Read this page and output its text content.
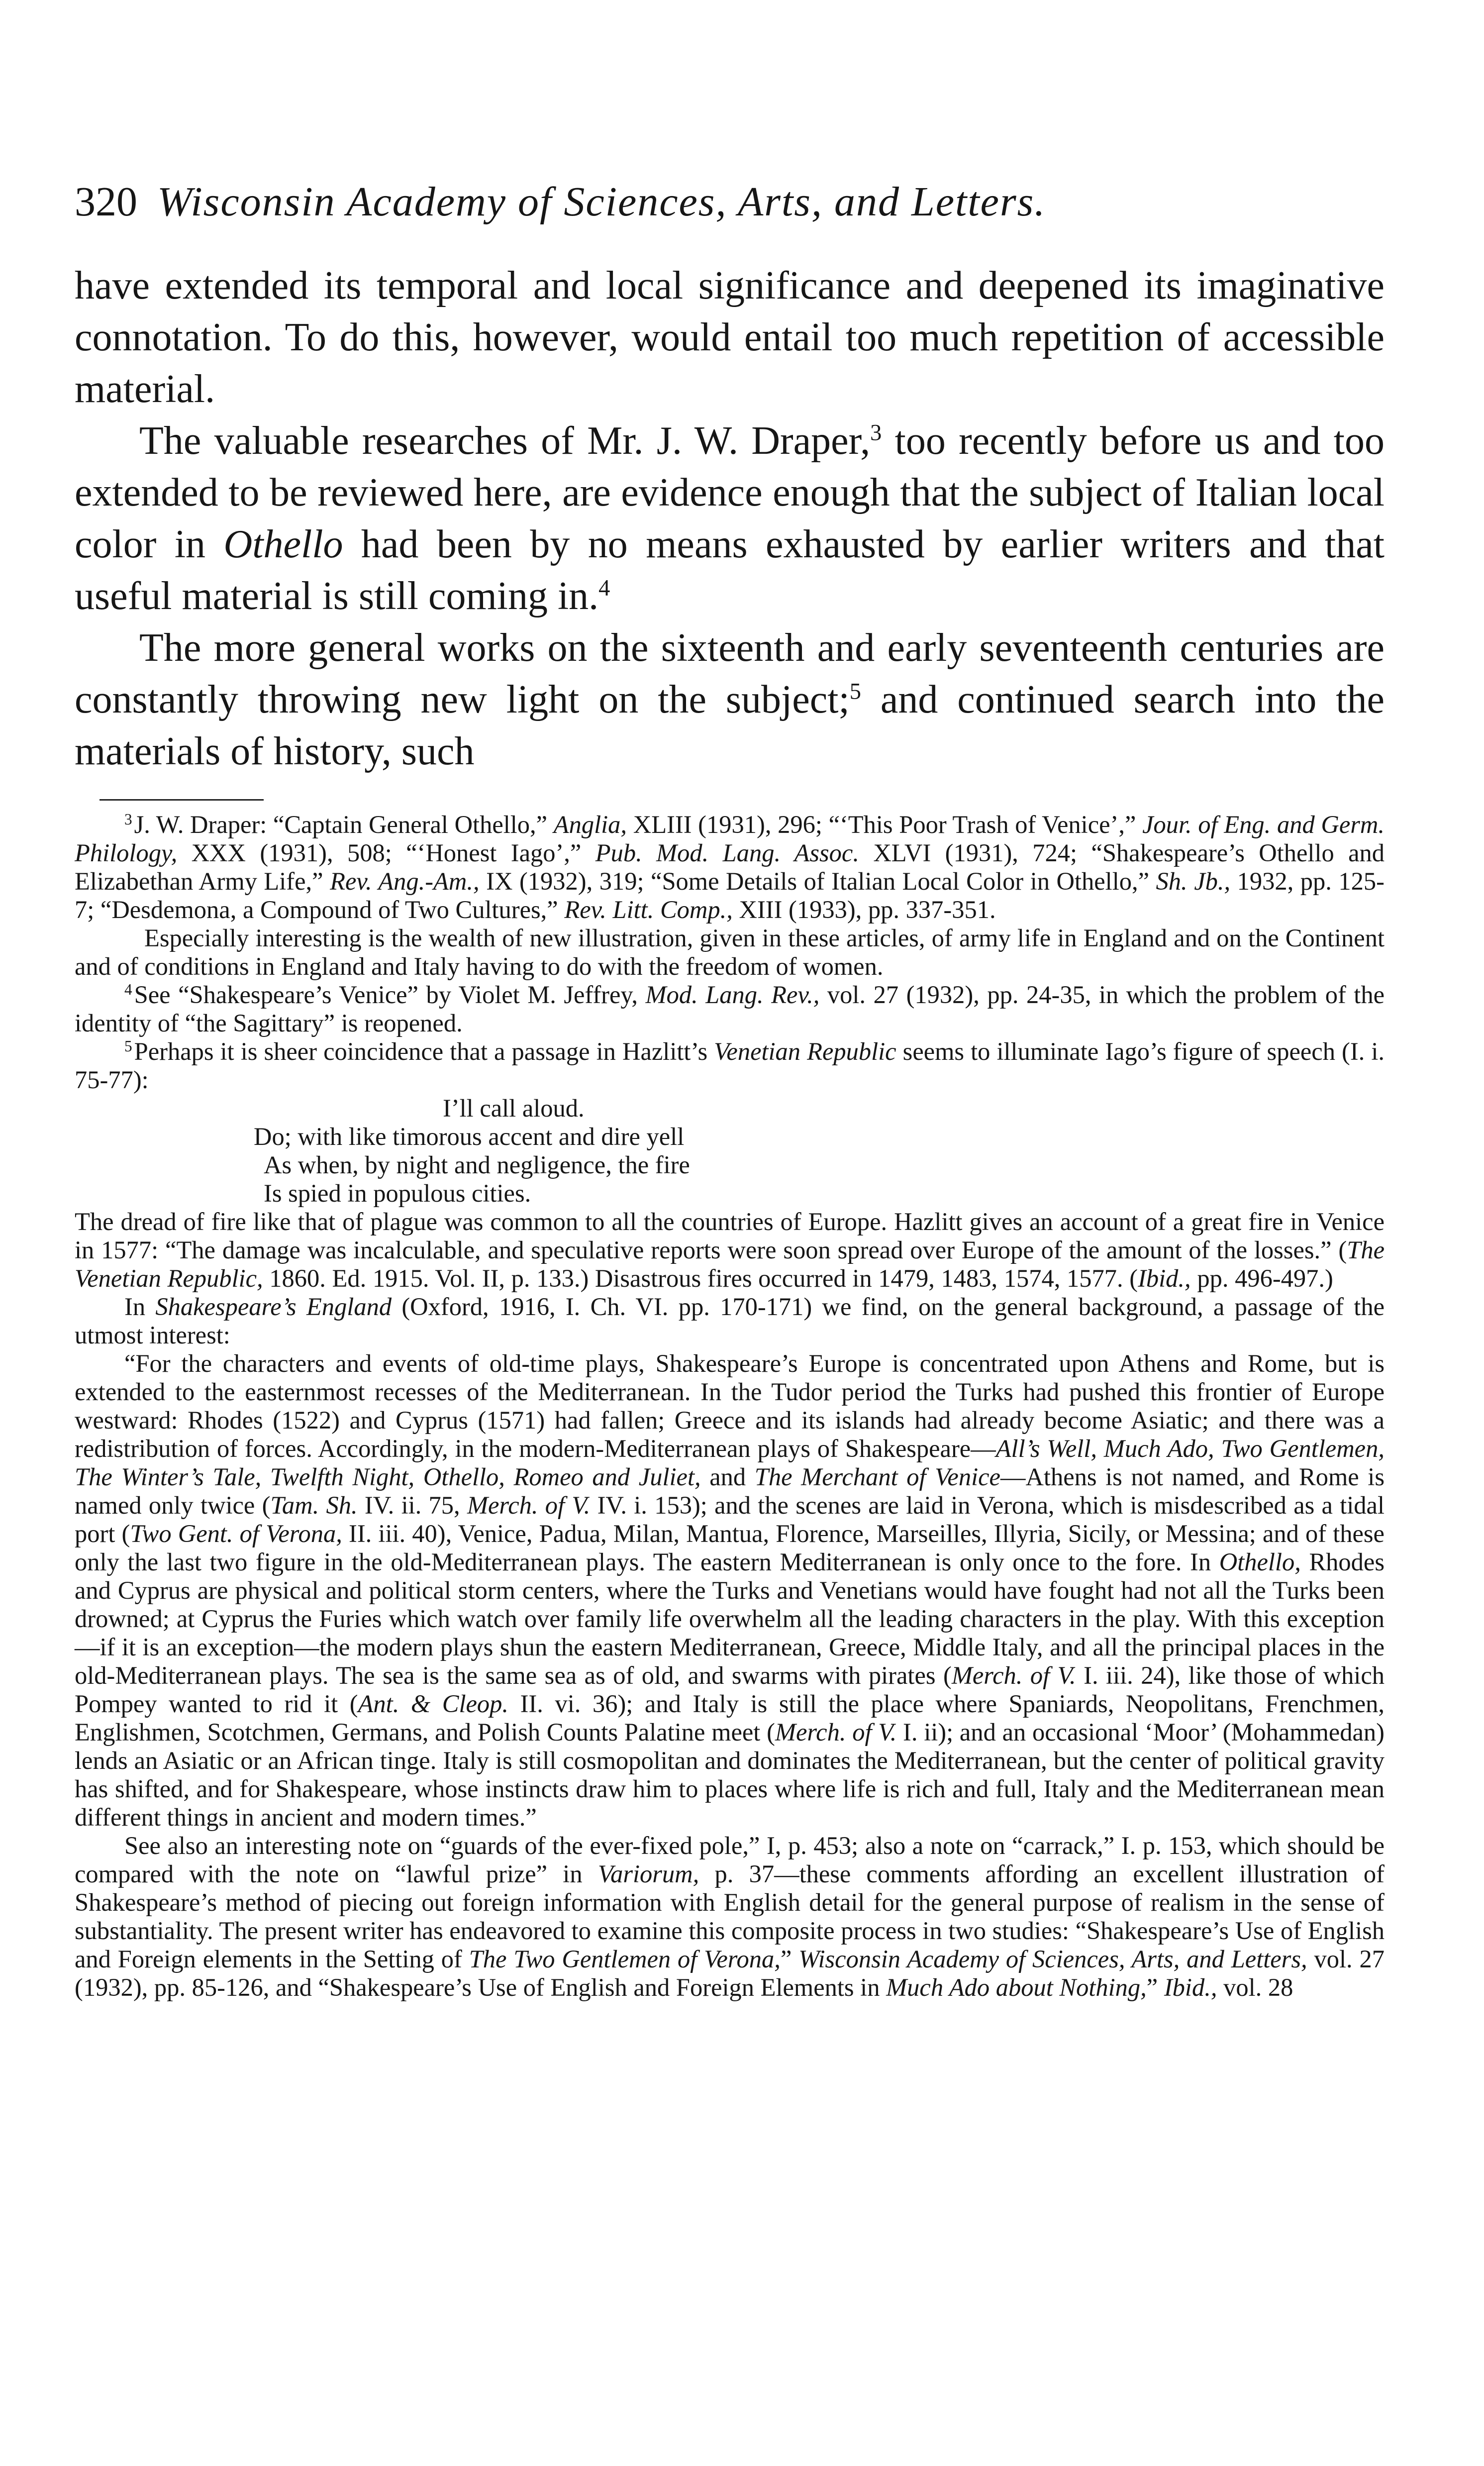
320 Wisconsin Academy of Sciences, Arts, and Letters.

have extended its temporal and local significance and deepened its imaginative connotation. To do this, however, would entail too much repetition of accessible material.

The valuable researches of Mr. J. W. Draper,$^3$ too recently before us and too extended to be reviewed here, are evidence enough that the subject of Italian local color in Othello had been by no means exhausted by earlier writers and that useful material is still coming in.$^4$

The more general works on the sixteenth and early seventeenth centuries are constantly throwing new light on the subject;$^5$ and continued search into the materials of history, such

$^3$J. W. Draper: “Captain General Othello,” Anglia, XLIII (1931), 296; “‘This Poor Trash of Venice’,” Jour. of Eng. and Germ. Philology, XXX (1931), 508; “‘Honest Iago’,” Pub. Mod. Lang. Assoc. XLVI (1931), 724; “Shakespeare’s Othello and Elizabethan Army Life,” Rev. Ang.-Am., IX (1932), 319; “Some Details of Italian Local Color in Othello,” Sh. Jb., 1932, pp. 125-7; “Desdemona, a Compound of Two Cultures,” Rev. Litt. Comp., XIII (1933), pp. 337-351.

Especially interesting is the wealth of new illustration, given in these articles, of army life in England and on the Continent and of conditions in England and Italy having to do with the freedom of women.

$^4$See “Shakespeare’s Venice” by Violet M. Jeffrey, Mod. Lang. Rev., vol. 27 (1932), pp. 24-35, in which the problem of the identity of “the Sagittary” is reopened.

$^5$Perhaps it is sheer coincidence that a passage in Hazlitt’s Venetian Republic seems to illuminate Iago’s figure of speech (I. i. 75-77):

I’ll call aloud.
Do; with like timorous accent and dire yell
As when, by night and negligence, the fire
Is spied in populous cities.

The dread of fire like that of plague was common to all the countries of Europe. Hazlitt gives an account of a great fire in Venice in 1577: “The damage was incalculable, and speculative reports were soon spread over Europe of the amount of the losses.” (The Venetian Republic, 1860. Ed. 1915. Vol. II, p. 133.) Disastrous fires occurred in 1479, 1483, 1574, 1577. (Ibid., pp. 496-497.)

In Shakespeare’s England (Oxford, 1916, I. Ch. VI. pp. 170-171) we find, on the general background, a passage of the utmost interest:

“For the characters and events of old-time plays, Shakespeare’s Europe is concentrated upon Athens and Rome, but is extended to the easternmost recesses of the Mediterranean. In the Tudor period the Turks had pushed this frontier of Europe westward: Rhodes (1522) and Cyprus (1571) had fallen; Greece and its islands had already become Asiatic; and there was a redistribution of forces. Accordingly, in the modern-Mediterranean plays of Shakespeare—All’s Well, Much Ado, Two Gentlemen, The Winter’s Tale, Twelfth Night, Othello, Romeo and Juliet, and The Merchant of Venice—Athens is not named, and Rome is named only twice (Tam. Sh. IV. ii. 75, Merch. of V. IV. i. 153); and the scenes are laid in Verona, which is misdescribed as a tidal port (Two Gent. of Verona, II. iii. 40), Venice, Padua, Milan, Mantua, Florence, Marseilles, Illyria, Sicily, or Messina; and of these only the last two figure in the old-Mediterranean plays. The eastern Mediterranean is only once to the fore. In Othello, Rhodes and Cyprus are physical and political storm centers, where the Turks and Venetians would have fought had not all the Turks been drowned; at Cyprus the Furies which watch over family life overwhelm all the leading characters in the play. With this exception—if it is an exception—the modern plays shun the eastern Mediterranean, Greece, Middle Italy, and all the principal places in the old-Mediterranean plays. The sea is the same sea as of old, and swarms with pirates (Merch. of V. I. iii. 24), like those of which Pompey wanted to rid it (Ant. & Cleop. II. vi. 36); and Italy is still the place where Spaniards, Neopolitans, Frenchmen, Englishmen, Scotchmen, Germans, and Polish Counts Palatine meet (Merch. of V. I. ii); and an occasional ‘Moor’ (Mohammedan) lends an Asiatic or an African tinge. Italy is still cosmopolitan and dominates the Mediterranean, but the center of political gravity has shifted, and for Shakespeare, whose instincts draw him to places where life is rich and full, Italy and the Mediterranean mean different things in ancient and modern times.”

See also an interesting note on “guards of the ever-fixed pole,” I, p. 453; also a note on “carrack,” I. p. 153, which should be compared with the note on “lawful prize” in Variorum, p. 37—these comments affording an excellent illustration of Shakespeare’s method of piecing out foreign information with English detail for the general purpose of realism in the sense of substantiality. The present writer has endeavored to examine this composite process in two studies: “Shakespeare’s Use of English and Foreign elements in the Setting of The Two Gentlemen of Verona,” Wisconsin Academy of Sciences, Arts, and Letters, vol. 27 (1932), pp. 85-126, and “Shakespeare’s Use of English and Foreign Elements in Much Ado about Nothing,” Ibid., vol. 28
